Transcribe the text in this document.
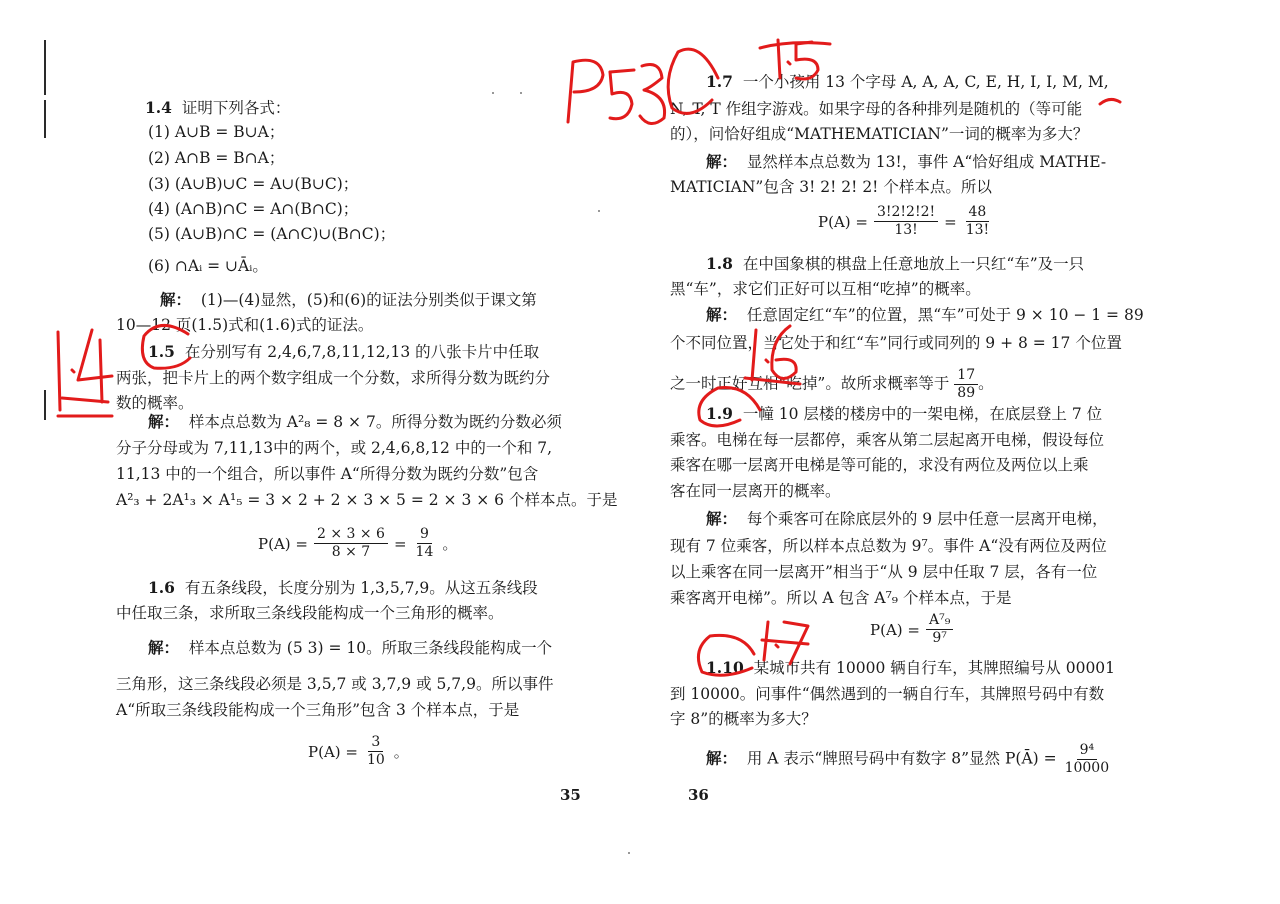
1.4 证明下列各式：
(1) A∪B = B∪A；
(2) A∩B = B∩A；
(3) (A∪B)∪C = A∪(B∪C)；
(4) (A∩B)∩C = A∩(B∩C)；
(5) (A∪B)∩C = (A∩C)∪(B∩C)；
(6) ∩Aᵢ = ∪Āᵢ。
解： (1)—(4)显然，(5)和(6)的证法分别类似于课文第
10—12 页(1.5)式和(1.6)式的证法。
1.5 在分别写有 2,4,6,7,8,11,12,13 的八张卡片中任取
两张，把卡片上的两个数字组成一个分数，求所得分数为既约分
数的概率。
解： 样本点总数为 A²₈ = 8 × 7。所得分数为既约分数必须
分子分母或为 7,11,13中的两个，或 2,4,6,8,12 中的一个和 7,
11,13 中的一个组合，所以事件 A“所得分数为既约分数”包含
A²₃ + 2A¹₃ × A¹₅ = 3 × 2 + 2 × 3 × 5 = 2 × 3 × 6 个样本点。于是
$P(A) = \frac{2 \times 3 \times 6}{8 \times 7} = \frac{9}{14}$ 。
1.6 有五条线段，长度分别为 1,3,5,7,9。从这五条线段
中任取三条，求所取三条线段能构成一个三角形的概率。
解： 样本点总数为 (5 3) = 10。所取三条线段能构成一个
三角形，这三条线段必须是 3,5,7 或 3,7,9 或 5,7,9。所以事件
A“所取三条线段能构成一个三角形”包含 3 个样本点，于是
$P(A) = \frac{3}{10}$ 。
35
1.7 一个小孩用 13 个字母 A, A, A, C, E, H, I, I, M, M,
N, T, T 作组字游戏。如果字母的各种排列是随机的（等可能
的），问恰好组成“MATHEMATICIAN”一词的概率为多大？
解： 显然样本点总数为 13!，事件 A“恰好组成 MATHE-
MATICIAN”包含 3! 2! 2! 2! 个样本点。所以
$P(A) = \frac{3!2!2!2!}{13!} = \frac{48}{13!}$
1.8 在中国象棋的棋盘上任意地放上一只红“车”及一只
黑“车”，求它们正好可以互相“吃掉”的概率。
解： 任意固定红“车”的位置，黑“车”可处于 9 × 10 − 1 = 89
个不同位置，当它处于和红“车”同行或同列的 9 + 8 = 17 个位置
之一时正好互相“吃掉”。故所求概率等于 $\frac{17}{89}$ 。
1.9 一幢 10 层楼的楼房中的一架电梯，在底层登上 7 位
乘客。电梯在每一层都停，乘客从第二层起离开电梯，假设每位
乘客在哪一层离开电梯是等可能的，求没有两位及两位以上乘
客在同一层离开的概率。
解： 每个乘客可在除底层外的 9 层中任意一层离开电梯，
现有 7 位乘客，所以样本点总数为 9⁷。事件 A“没有两位及两位
以上乘客在同一层离开”相当于“从 9 层中任取 7 层，各有一位
乘客离开电梯”。所以 A 包含 A⁷₉ 个样本点，于是
$P(A) = \frac{\text{A⁷₉}}{\text{9⁷}}$
1.10 某城市共有 10000 辆自行车，其牌照编号从 00001
到 10000。问事件“偶然遇到的一辆自行车，其牌照号码中有数
字 8”的概率为多大？
解： 用 A 表示“牌照号码中有数字 8”显然 P(Ā) = $\frac{\text{9⁴}}{10000}$
36
